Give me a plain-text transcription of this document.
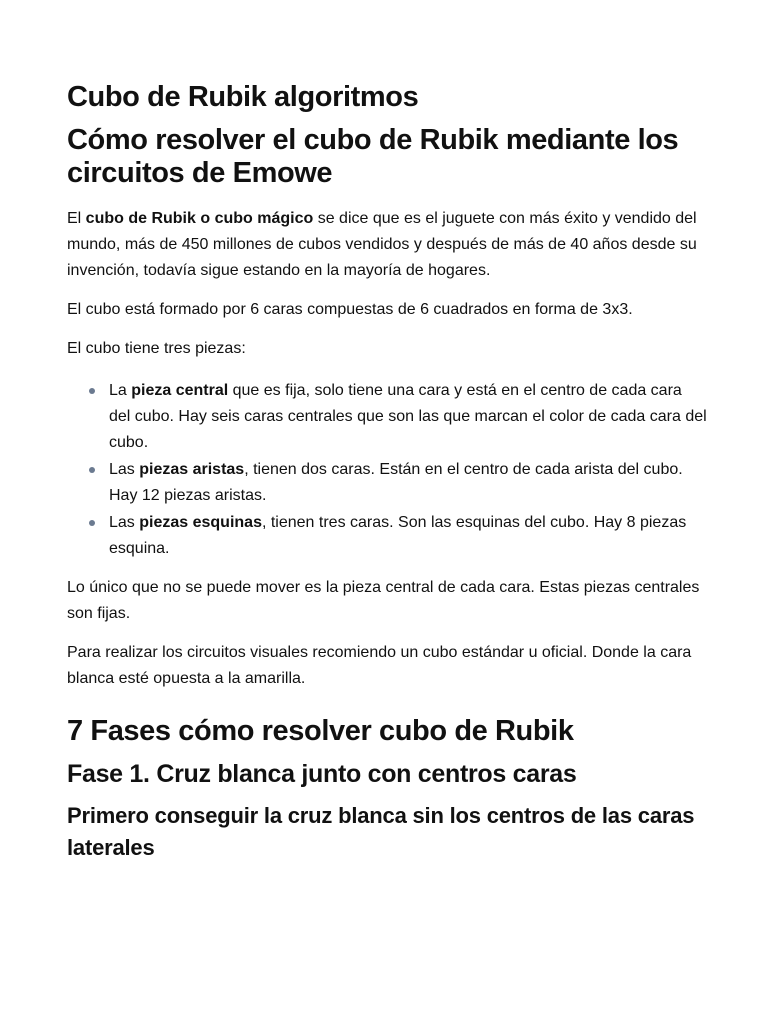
Cubo de Rubik algoritmos
Cómo resolver el cubo de Rubik mediante los circuitos de Emowe

El cubo de Rubik o cubo mágico se dice que es el juguete con más éxito y vendido del mundo, más de 450 millones de cubos vendidos y después de más de 40 años desde su invención, todavía sigue estando en la mayoría de hogares.

El cubo está formado por 6 caras compuestas de 6 cuadrados en forma de 3x3.

El cubo tiene tres piezas:

La pieza central que es fija, solo tiene una cara y está en el centro de cada cara del cubo. Hay seis caras centrales que son las que marcan el color de cada cara del cubo.
Las piezas aristas, tienen dos caras. Están en el centro de cada arista del cubo. Hay 12 piezas aristas.
Las piezas esquinas, tienen tres caras. Son las esquinas del cubo. Hay 8 piezas esquina.

Lo único que no se puede mover es la pieza central de cada cara. Estas piezas centrales son fijas.

Para realizar los circuitos visuales recomiendo un cubo estándar u oficial. Donde la cara blanca esté opuesta a la amarilla.

7 Fases cómo resolver cubo de Rubik
Fase 1. Cruz blanca junto con centros caras
Primero conseguir la cruz blanca sin los centros de las caras laterales
